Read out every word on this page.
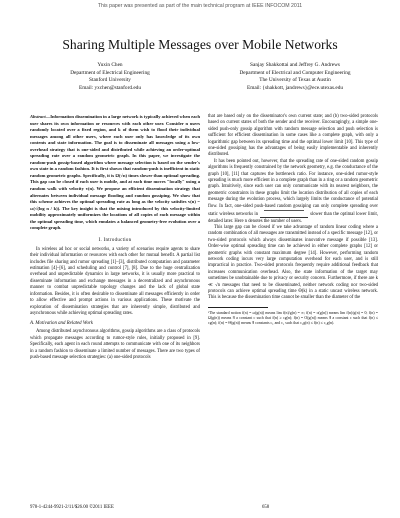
This paper was presented as part of the main technical program at IEEE INFOCOM 2011
Sharing Multiple Messages over Mobile Networks
Yuxin Chen
Department of Electrical Engineering
Stanford University
Email: yxchen@stanford.edu
Sanjay Shakkottai and Jeffrey G. Andrews
Department of Electrical and Computer Engineering
The University of Texas at Austin
Email: {shakkott, jandrews}@ece.utexas.edu

Abstract—Information dissemination in a large network is typically achieved when each user shares its own information or resources with each other user. Consider n users randomly located over a fixed region, and k of them wish to flood their individual messages among all other users, where each user only has knowledge of its own contents and state information. The goal is to disseminate all messages using a low-overhead strategy that is one-sided and distributed while achieving an order-optimal spreading rate over a random geometric graph. In this paper, we investigate the random-push gossip-based algorithm where message selection is based on the sender's own state in a random fashion. It is first shown that random-push is inefficient in static random geometric graphs. Specifically, it is Ω(√n) times slower than optimal spreading. This gap can be closed if each user is mobile, and at each time moves "locally" using a random walk with velocity v(n). We propose an efficient dissemination strategy that alternates between individual message flooding and random gossiping. We show that this scheme achieves the optimal spreading rate as long as the velocity satisfies v(n) = ω(√(log n / k)). The key insight is that the mixing introduced by this velocity-limited mobility approximately uniformizes the locations of all copies of each message within the optimal spreading time, which emulates a balanced geometry-free evolution over a complete graph.

I. Introduction

In wireless ad hoc or social networks, a variety of scenarios require agents to share their individual information or resources with each other for mutual benefit. A partial list includes file sharing and rumor spreading [1]–[3], distributed computation and parameter estimation [4]–[6], and scheduling and control [7], [8]. Due to the huge centralization overhead and unpredictable dynamics in large networks, it is usually more practical to disseminate information and exchange messages in a decentralized and asynchronous manner to combat unpredictable topology changes and the lack of global state information. Besides, it is often desirable to disseminate all messages efficiently in order to allow effective and prompt actions in various applications. These motivate the exploration of dissemination strategies that are inherently simple, distributed and asynchronous while achieving optimal spreading rates.

A. Motivation and Related Work

Among distributed asynchronous algorithms, gossip algorithms are a class of protocols which propagate messages according to rumor-style rules, initially proposed in [9]. Specifically, each agent in each round attempts to communicate with one of its neighbors in a random fashion to disseminate a limited number of messages. There are two types of push-based message selection strategies: (a) one-sided protocols

that are based only on the disseminator's own current state; and (b) two-sided protocols based on current states of both the sender and the receiver. Encouragingly, a simple one-sided push-only gossip algorithm with random message selection and push selection is sufficient for efficient dissemination in some cases like a complete graph, with only a logarithmic gap between its spreading time and the optimal lower limit [10]. This type of one-sided gossiping has the advantages of being easily implementable and inherently distributed.

It has been pointed out, however, that the spreading rate of one-sided random gossip algorithms is frequently constrained by the network geometry, e.g. the conductance of the graph [10], [11] that captures the bottleneck ratio. For instance, one-sided rumor-style spreading is much more efficient in a complete graph than in a ring or a random geometric graph. Intuitively, since each user can only communicate with its nearest neighbors, the geometric constraints in these graphs limit the location distribution of all copies of each message during the evolution process, which largely limits the conductance of potential flow. In fact, one-sided push-based random gossiping can only complete spreading over static wireless networks in	slower than the optimal lower limit, detailed later. Here n denotes the number of users.

This large gap can be closed if we take advantage of random linear coding where a random combination of all messages are transmitted instead of a specific message [12], or two-sided protocols which always disseminates innovative message if possible [13]. Order-wise optimal spreading time can be achieved in either complete graphs [12] or geometric graphs with constant maximum degree [14]. However, performing random network coding incurs very large computation overhead for each user, and is still impractical in practice. Two-sided protocols frequently require additional feedback that increases communication overhead. Also, the state information of the target may sometimes be unobtainable due to privacy or security concern. Furthermore, if there are k ≪ √n messages that need to be disseminated, neither network coding nor two-sided protocols can achieve optimal spreading time Θ(k) in a static uncast wireless network. This is because the dissemination time cannot be smaller than the diameter of the

¹The standard notion f(n) = ω(g(n)) means lim f(n)/g(n) = ∞; f(n) = o(g(n)) means lim f(n)/g(n) = 0; f(n) = Ω(g(n)) means ∃ a constant c such that f(n) ≥ cg(n); f(n) = O(g(n)) means ∃ a constant c such that f(n) ≤ cg(n); f(n) = Θ(g(n)) means ∃ constants c₁ and c₂ such that c₁g(n) ≤ f(n) ≤ c₂g(n).

978-1-4244-9921-2/11/$26.00 ©2011 IEEE	658
